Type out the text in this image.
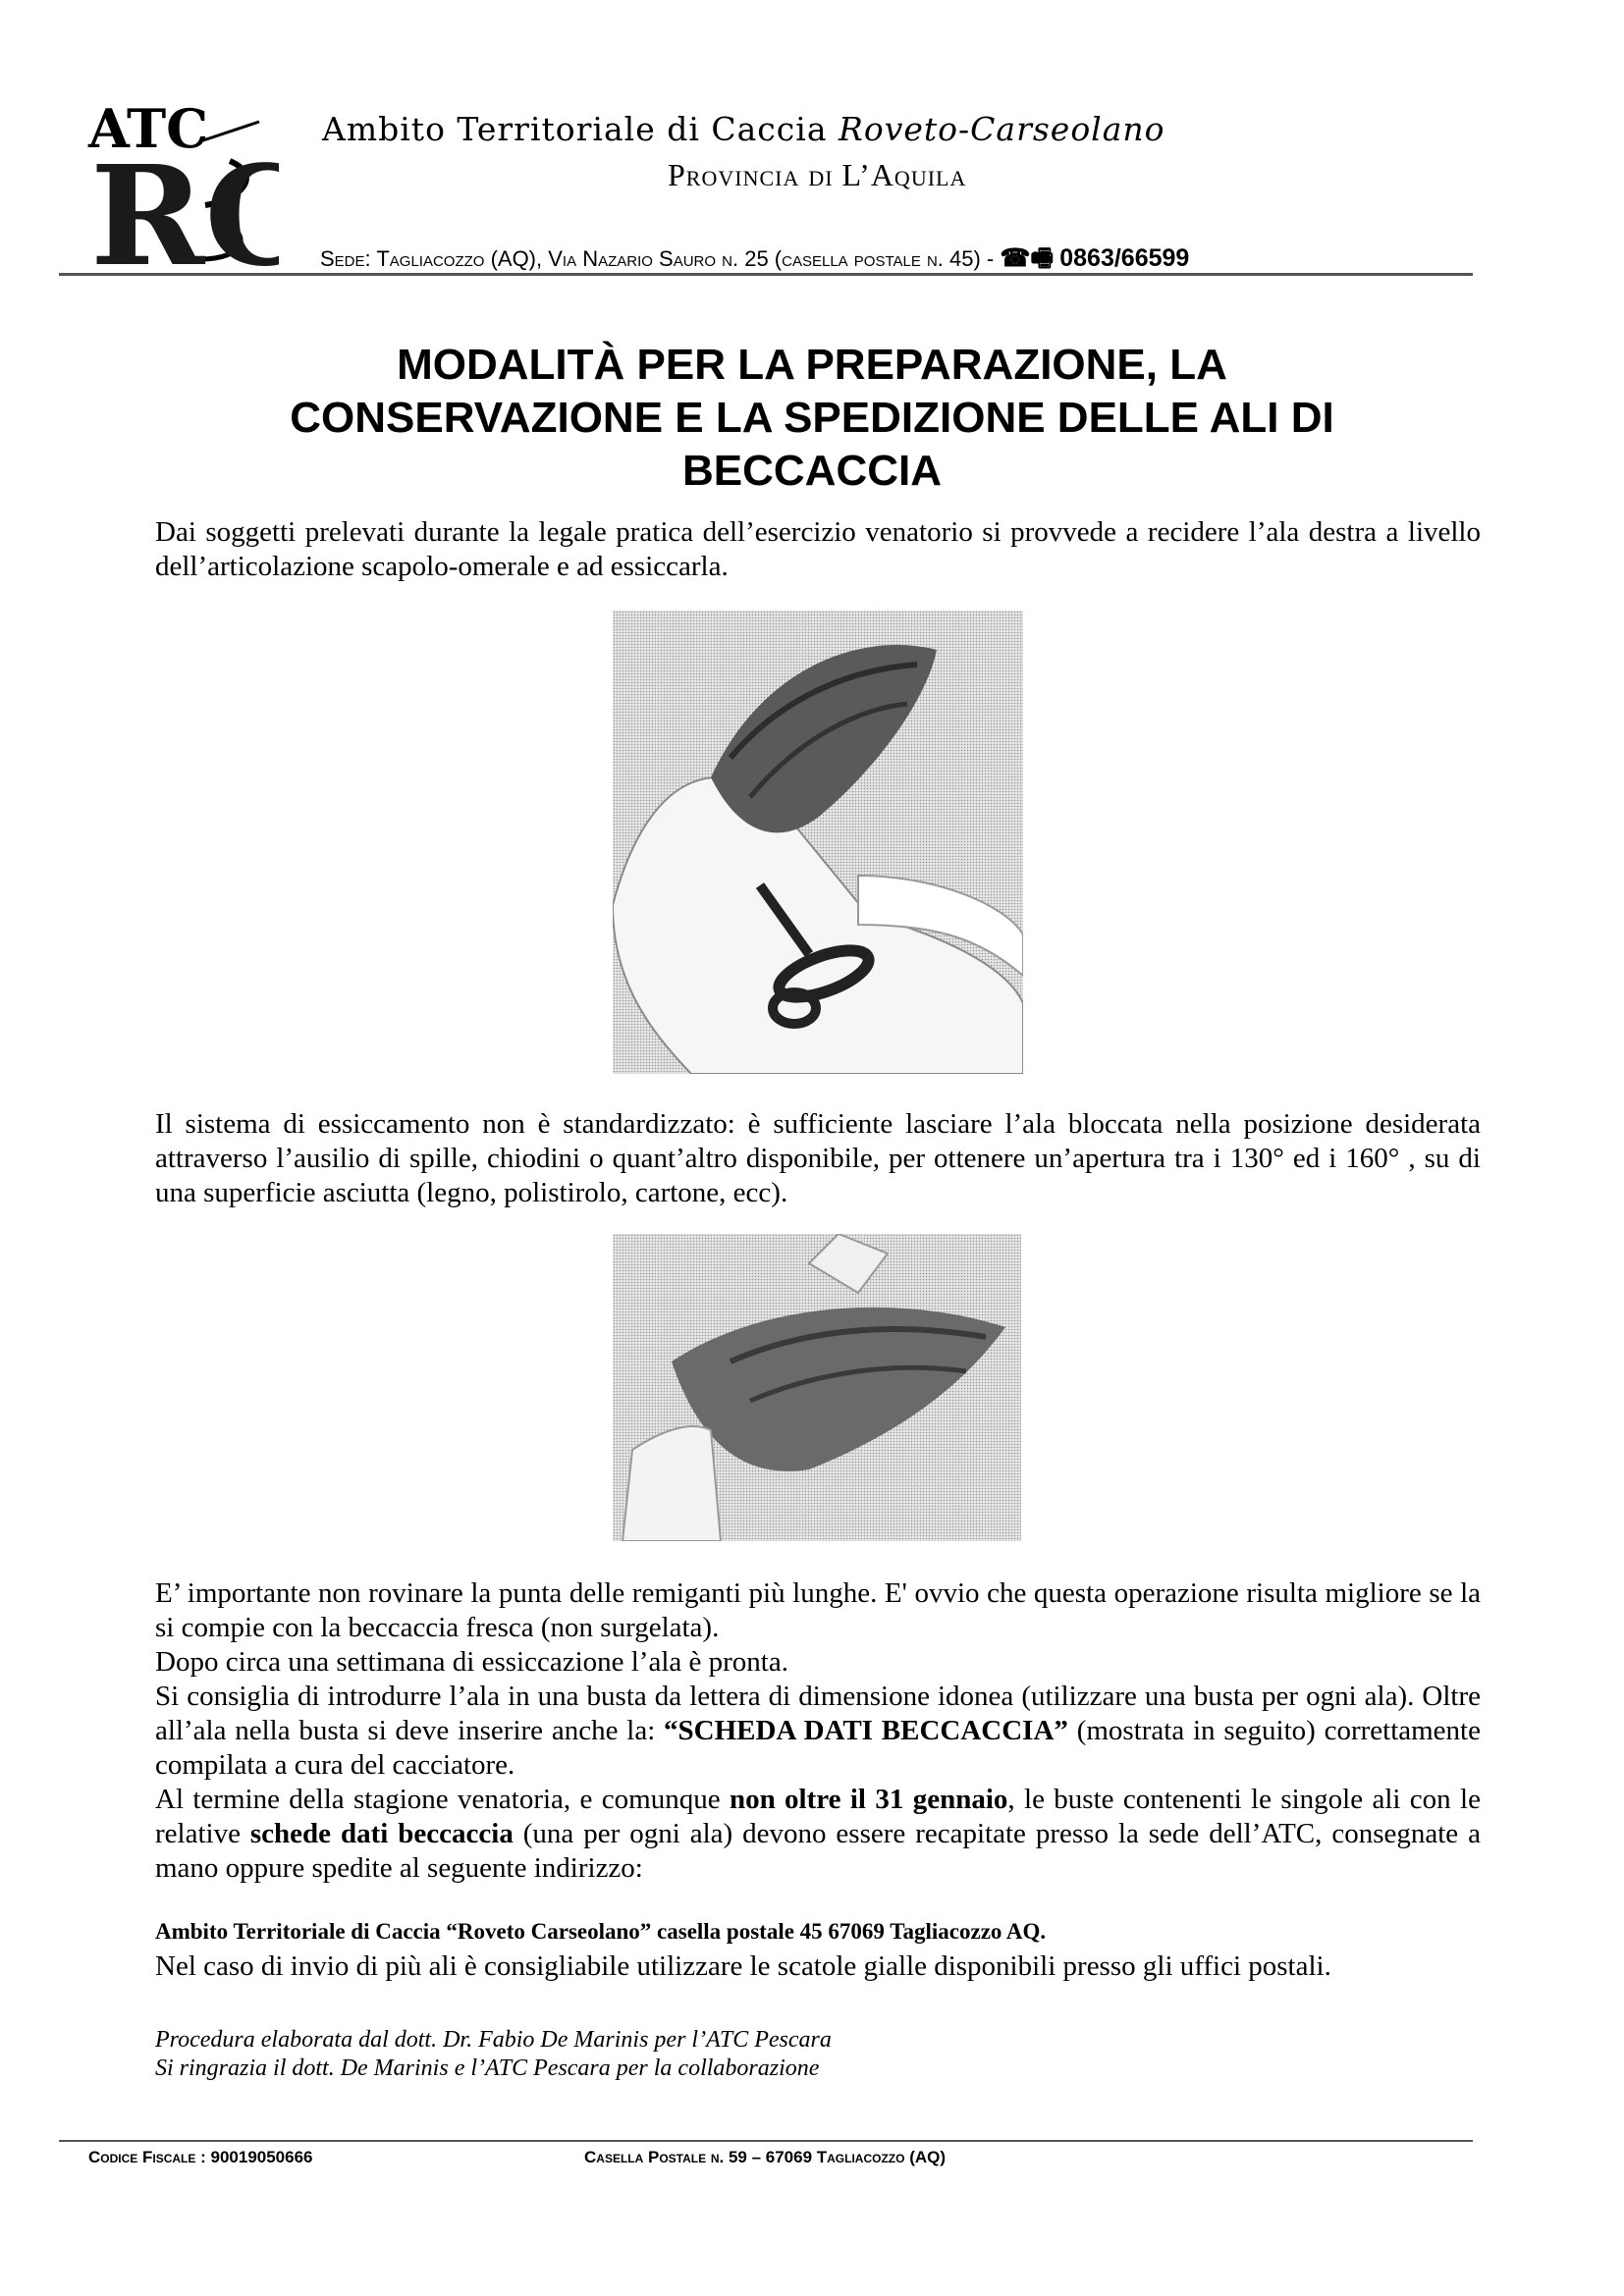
ATC
RC
Ambito Territoriale di Caccia Roveto-Carseolano
Provincia di L’Aquila
Sede: Tagliacozzo (AQ), Via Nazario Sauro n. 25 (casella postale n. 45) - ☎🖷 0863/66599
MODALITÀ PER LA PREPARAZIONE, LA
CONSERVAZIONE E LA SPEDIZIONE DELLE ALI DI
BECCACCIA
Dai soggetti prelevati durante la legale pratica dell’esercizio venatorio si provvede a recidere l’ala destra a livello dell’articolazione scapolo-omerale e ad essiccarla.
Il sistema di essiccamento non è standardizzato: è sufficiente lasciare l’ala bloccata nella posizione desiderata attraverso l’ausilio di spille, chiodini o quant’altro disponibile, per ottenere un’apertura tra i 130° ed i 160° , su di una superficie asciutta (legno, polistirolo, cartone, ecc).
E’ importante non rovinare la punta delle remiganti più lunghe. E' ovvio che questa operazione risulta migliore se la si compie con la beccaccia fresca (non surgelata).
Dopo circa una settimana di essiccazione l’ala è pronta.
Si consiglia di introdurre l’ala in una busta da lettera di dimensione idonea (utilizzare una busta per ogni ala). Oltre all’ala nella busta si deve inserire anche la: “SCHEDA DATI BECCACCIA” (mostrata in seguito) correttamente compilata a cura del cacciatore.
Al termine della stagione venatoria, e comunque non oltre il 31 gennaio, le buste contenenti le singole ali con le relative schede dati beccaccia (una per ogni ala) devono essere recapitate presso la sede dell’ATC, consegnate a mano oppure spedite al seguente indirizzo:
Ambito Territoriale di Caccia “Roveto Carseolano” casella postale 45 67069 Tagliacozzo AQ.
Nel caso di invio di più ali è consigliabile utilizzare le scatole gialle disponibili presso gli uffici postali.
Procedura elaborata dal dott. Dr. Fabio De Marinis per l’ATC Pescara
Si ringrazia il dott. De Marinis e l’ATC Pescara per la collaborazione
Codice Fiscale : 90019050666	Casella Postale n. 59 – 67069 Tagliacozzo (AQ)
